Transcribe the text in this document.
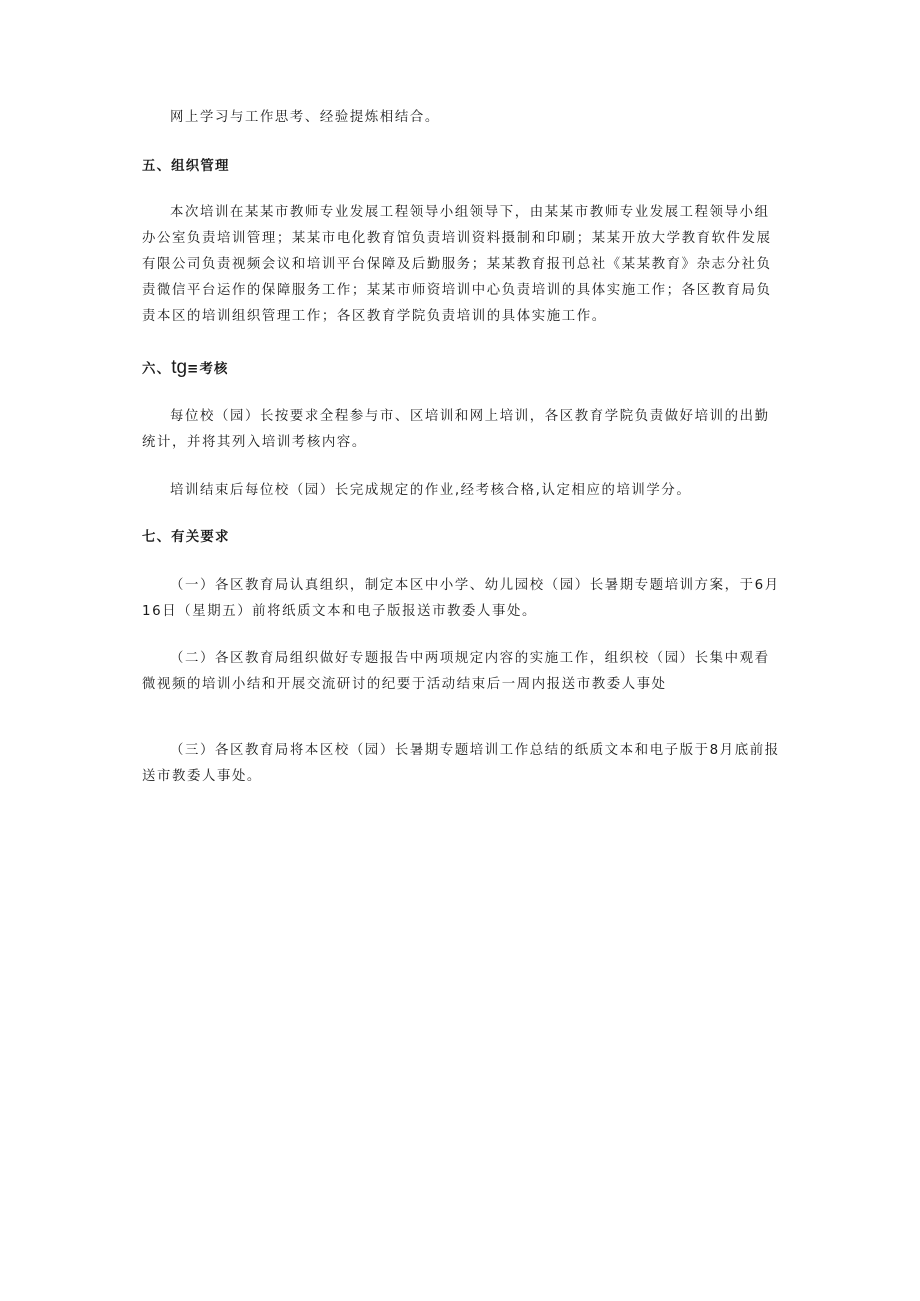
网上学习与工作思考、经验提炼相结合。

五、组织管理

本次培训在某某市教师专业发展工程领导小组领导下，由某某市教师专业发展工程领导小组办公室负责培训管理；某某市电化教育馆负责培训资料摄制和印刷；某某开放大学教育软件发展有限公司负责视频会议和培训平台保障及后勤服务；某某教育报刊总社《某某教育》杂志分社负责微信平台运作的保障服务工作；某某市师资培训中心负责培训的具体实施工作；各区教育局负责本区的培训组织管理工作；各区教育学院负责培训的具体实施工作。

六、tg≡考核

每位校（园）长按要求全程参与市、区培训和网上培训，各区教育学院负责做好培训的出勤统计，并将其列入培训考核内容。

培训结束后每位校（园）长完成规定的作业,经考核合格,认定相应的培训学分。

七、有关要求

（一）各区教育局认真组织，制定本区中小学、幼儿园校（园）长暑期专题培训方案，于6月16日（星期五）前将纸质文本和电子版报送市教委人事处。

（二）各区教育局组织做好专题报告中两项规定内容的实施工作，组织校（园）长集中观看微视频的培训小结和开展交流研讨的纪要于活动结束后一周内报送市教委人事处

（三）各区教育局将本区校（园）长暑期专题培训工作总结的纸质文本和电子版于8月底前报送市教委人事处。
